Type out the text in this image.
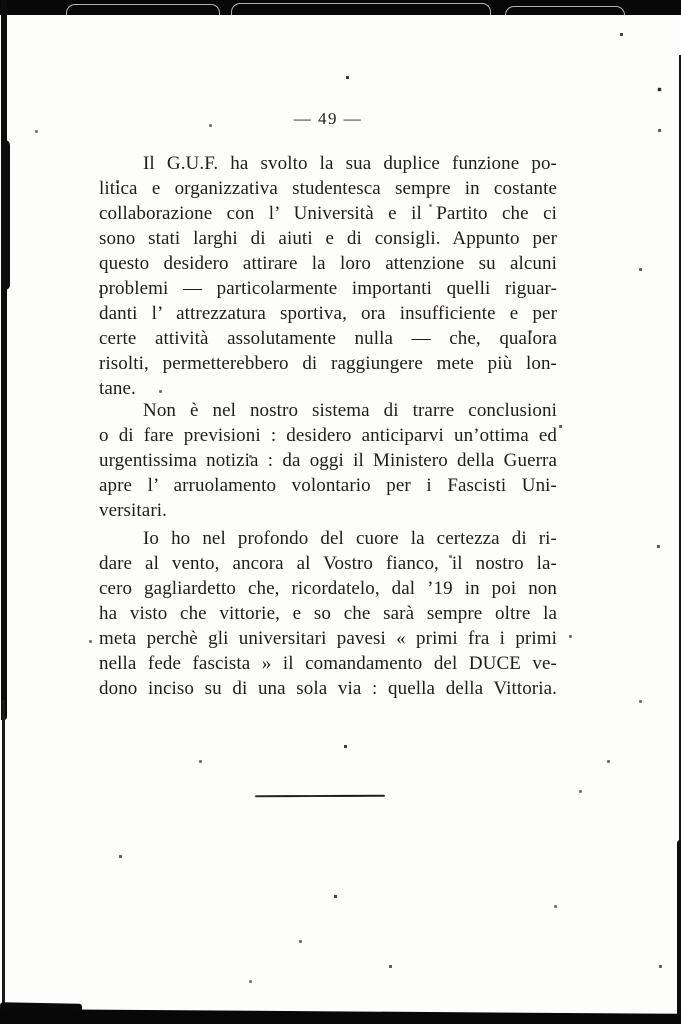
— 49 —
Il G.U.F. ha svolto la sua duplice funzione po-
litica e organizzativa studentesca sempre in costante
collaborazione con l’ Università e il Partito che ci
sono stati larghi di aiuti e di consigli. Appunto per
questo desidero attirare la loro attenzione su alcuni
problemi — particolarmente importanti quelli riguar-
danti l’ attrezzatura sportiva, ora insufficiente e per
certe attività assolutamente nulla — che, qualora
risolti, permetterebbero di raggiungere mete più lon-
tane.
Non è nel nostro sistema di trarre conclusioni
o di fare previsioni : desidero anticiparvi un’ottima ed
urgentissima notizia : da oggi il Ministero della Guerra
apre l’ arruolamento volontario per i Fascisti Uni-
versitari.
Io ho nel profondo del cuore la certezza di ri-
dare al vento, ancora al Vostro fianco, il nostro la-
cero gagliardetto che, ricordatelo, dal ’19 in poi non
ha visto che vittorie, e so che sarà sempre oltre la
meta perchè gli universitari pavesi « primi fra i primi
nella fede fascista » il comandamento del DUCE ve-
dono inciso su di una sola via : quella della Vittoria.
